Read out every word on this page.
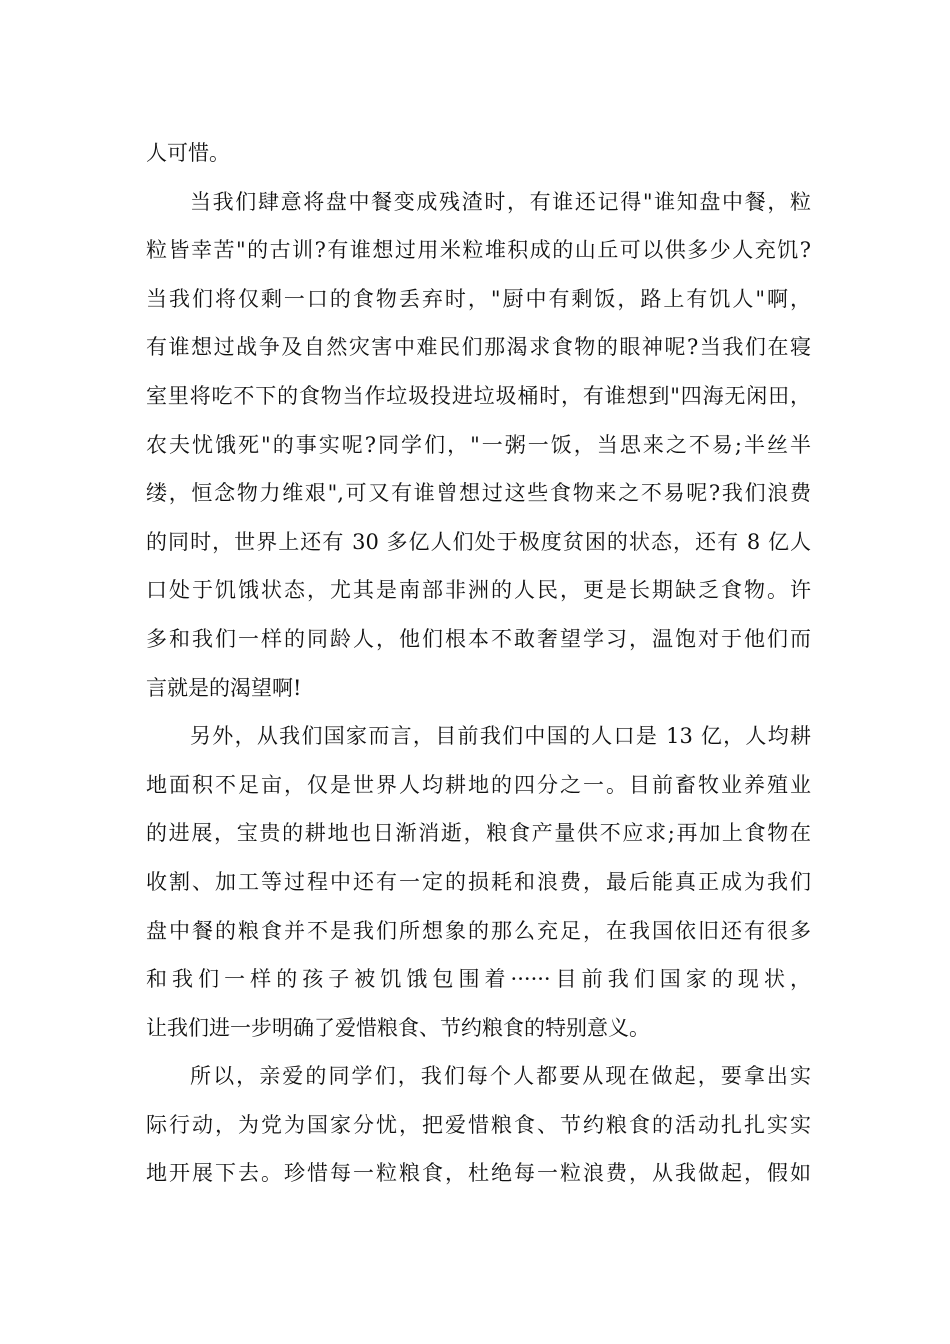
人可惜。
当我们肆意将盘中餐变成残渣时，有谁还记得"谁知盘中餐，粒
粒皆幸苦"的古训?有谁想过用米粒堆积成的山丘可以供多少人充饥?
当我们将仅剩一口的食物丢弃时，"厨中有剩饭，路上有饥人"啊，
有谁想过战争及自然灾害中难民们那渴求食物的眼神呢?当我们在寝
室里将吃不下的食物当作垃圾投进垃圾桶时，有谁想到"四海无闲田，
农夫忧饿死"的事实呢?同学们，"一粥一饭，当思来之不易;半丝半
缕，恒念物力维艰",可又有谁曾想过这些食物来之不易呢?我们浪费
的同时，世界上还有 30 多亿人们处于极度贫困的状态，还有 8 亿人
口处于饥饿状态，尤其是南部非洲的人民，更是长期缺乏食物。许
多和我们一样的同龄人，他们根本不敢奢望学习，温饱对于他们而
言就是的渴望啊!
另外，从我们国家而言，目前我们中国的人口是 13 亿，人均耕
地面积不足亩，仅是世界人均耕地的四分之一。目前畜牧业养殖业
的进展，宝贵的耕地也日渐消逝，粮食产量供不应求;再加上食物在
收割、加工等过程中还有一定的损耗和浪费，最后能真正成为我们
盘中餐的粮食并不是我们所想象的那么充足，在我国依旧还有很多
和我们一样的孩子被饥饿包围着······目前我们国家的现状，
让我们进一步明确了爱惜粮食、节约粮食的特别意义。
所以，亲爱的同学们，我们每个人都要从现在做起，要拿出实
际行动，为党为国家分忧，把爱惜粮食、节约粮食的活动扎扎实实
地开展下去。珍惜每一粒粮食，杜绝每一粒浪费，从我做起，假如
